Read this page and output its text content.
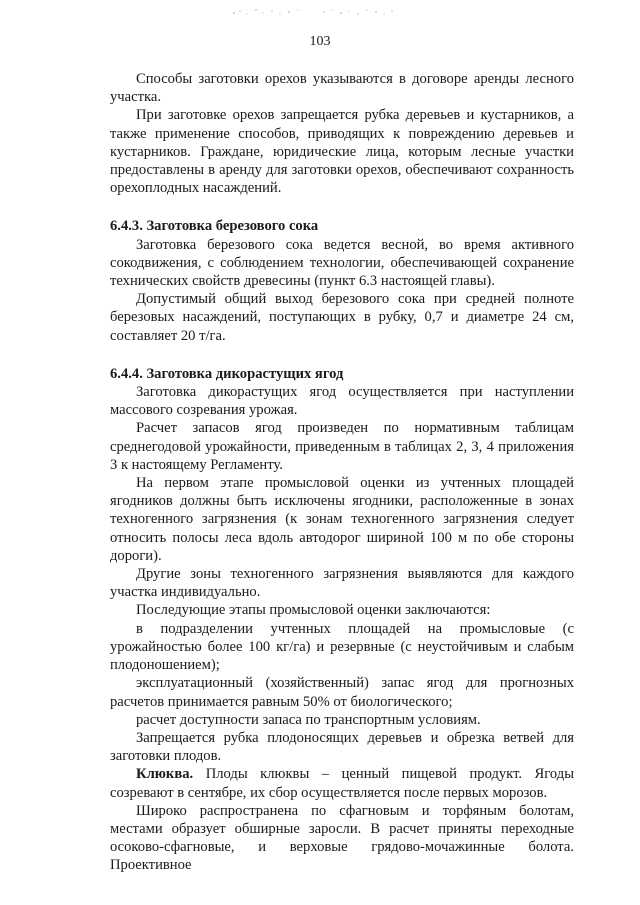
103

Способы заготовки орехов указываются в договоре аренды лесного участка.

При заготовке орехов запрещается рубка деревьев и кустарников, а также применение способов, приводящих к повреждению деревьев и кустарников. Граждане, юридические лица, которым лесные участки предоставлены в аренду для заготовки орехов, обеспечивают сохранность орехоплодных насаждений.

6.4.3. Заготовка березового сока

Заготовка березового сока ведется весной, во время активного сокодвижения, с соблюдением технологии, обеспечивающей сохранение технических свойств древесины (пункт 6.3 настоящей главы).

Допустимый общий выход березового сока при средней полноте березовых насаждений, поступающих в рубку, 0,7 и диаметре 24 см, составляет 20 т/га.

6.4.4. Заготовка дикорастущих ягод

Заготовка дикорастущих ягод осуществляется при наступлении массового созревания урожая.

Расчет запасов ягод произведен по нормативным таблицам среднегодовой урожайности, приведенным в таблицах 2, 3, 4 приложения 3 к настоящему Регламенту.

На первом этапе промысловой оценки из учтенных площадей ягодников должны быть исключены ягодники, расположенные в зонах техногенного загрязнения (к зонам техногенного загрязнения следует относить полосы леса вдоль автодорог шириной 100 м по обе стороны дороги).

Другие зоны техногенного загрязнения выявляются для каждого участка индивидуально.

Последующие этапы промысловой оценки заключаются:

в подразделении учтенных площадей на промысловые (с урожайностью более 100 кг/га) и резервные (с неустойчивым и слабым плодоношением);

эксплуатационный (хозяйственный) запас ягод для прогнозных расчетов принимается равным 50% от биологического;

расчет доступности запаса по транспортным условиям.

Запрещается рубка плодоносящих деревьев и обрезка ветвей для заготовки плодов.

Клюква. Плоды клюквы – ценный пищевой продукт. Ягоды созревают в сентябре, их сбор осуществляется после первых морозов.

Широко распространена по сфагновым и торфяным болотам, местами образует обширные заросли. В расчет приняты переходные осоково-сфагновые, и верховые грядово-мочажинные болота. Проективное
